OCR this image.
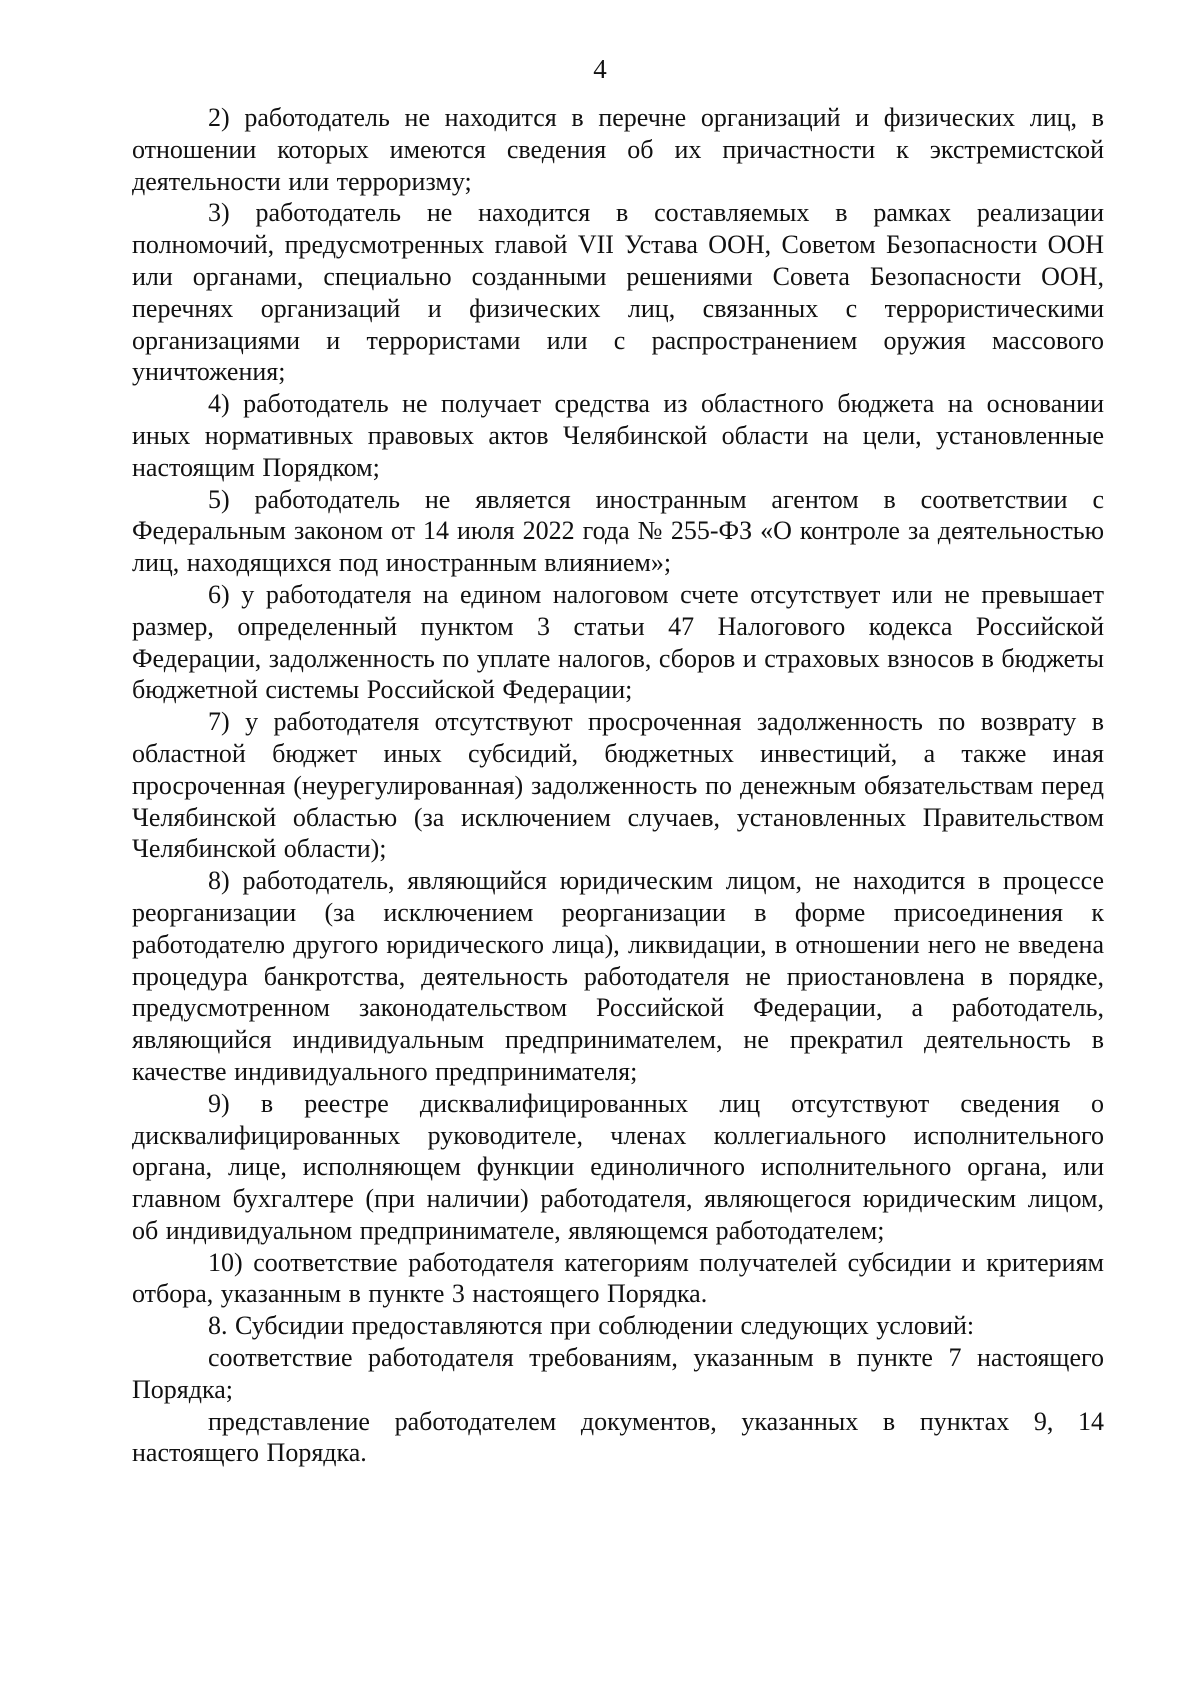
4

2) работодатель не находится в перечне организаций и физических лиц, в отношении которых имеются сведения об их причастности к экстремистской деятельности или терроризму;

3) работодатель не находится в составляемых в рамках реализации полномочий, предусмотренных главой VII Устава ООН, Советом Безопасности ООН или органами, специально созданными решениями Совета Безопасности ООН, перечнях организаций и физических лиц, связанных с террористическими организациями и террористами или с распространением оружия массового уничтожения;

4) работодатель не получает средства из областного бюджета на основании иных нормативных правовых актов Челябинской области на цели, установленные настоящим Порядком;

5) работодатель не является иностранным агентом в соответствии с Федеральным законом от 14 июля 2022 года № 255-ФЗ «О контроле за деятельностью лиц, находящихся под иностранным влиянием»;

6) у работодателя на едином налоговом счете отсутствует или не превышает размер, определенный пунктом 3 статьи 47 Налогового кодекса Российской Федерации, задолженность по уплате налогов, сборов и страховых взносов в бюджеты бюджетной системы Российской Федерации;

7) у работодателя отсутствуют просроченная задолженность по возврату в областной бюджет иных субсидий, бюджетных инвестиций, а также иная просроченная (неурегулированная) задолженность по денежным обязательствам перед Челябинской областью (за исключением случаев, установленных Правительством Челябинской области);

8) работодатель, являющийся юридическим лицом, не находится в процессе реорганизации (за исключением реорганизации в форме присоединения к работодателю другого юридического лица), ликвидации, в отношении него не введена процедура банкротства, деятельность работодателя не приостановлена в порядке, предусмотренном законодательством Российской Федерации, а работодатель, являющийся индивидуальным предпринимателем, не прекратил деятельность в качестве индивидуального предпринимателя;

9) в реестре дисквалифицированных лиц отсутствуют сведения о дисквалифицированных руководителе, членах коллегиального исполнительного органа, лице, исполняющем функции единоличного исполнительного органа, или главном бухгалтере (при наличии) работодателя, являющегося юридическим лицом, об индивидуальном предпринимателе, являющемся работодателем;

10) соответствие работодателя категориям получателей субсидии и критериям отбора, указанным в пункте 3 настоящего Порядка.

8. Субсидии предоставляются при соблюдении следующих условий:

соответствие работодателя требованиям, указанным в пункте 7 настоящего Порядка;

представление работодателем документов, указанных в пунктах 9, 14 настоящего Порядка.
